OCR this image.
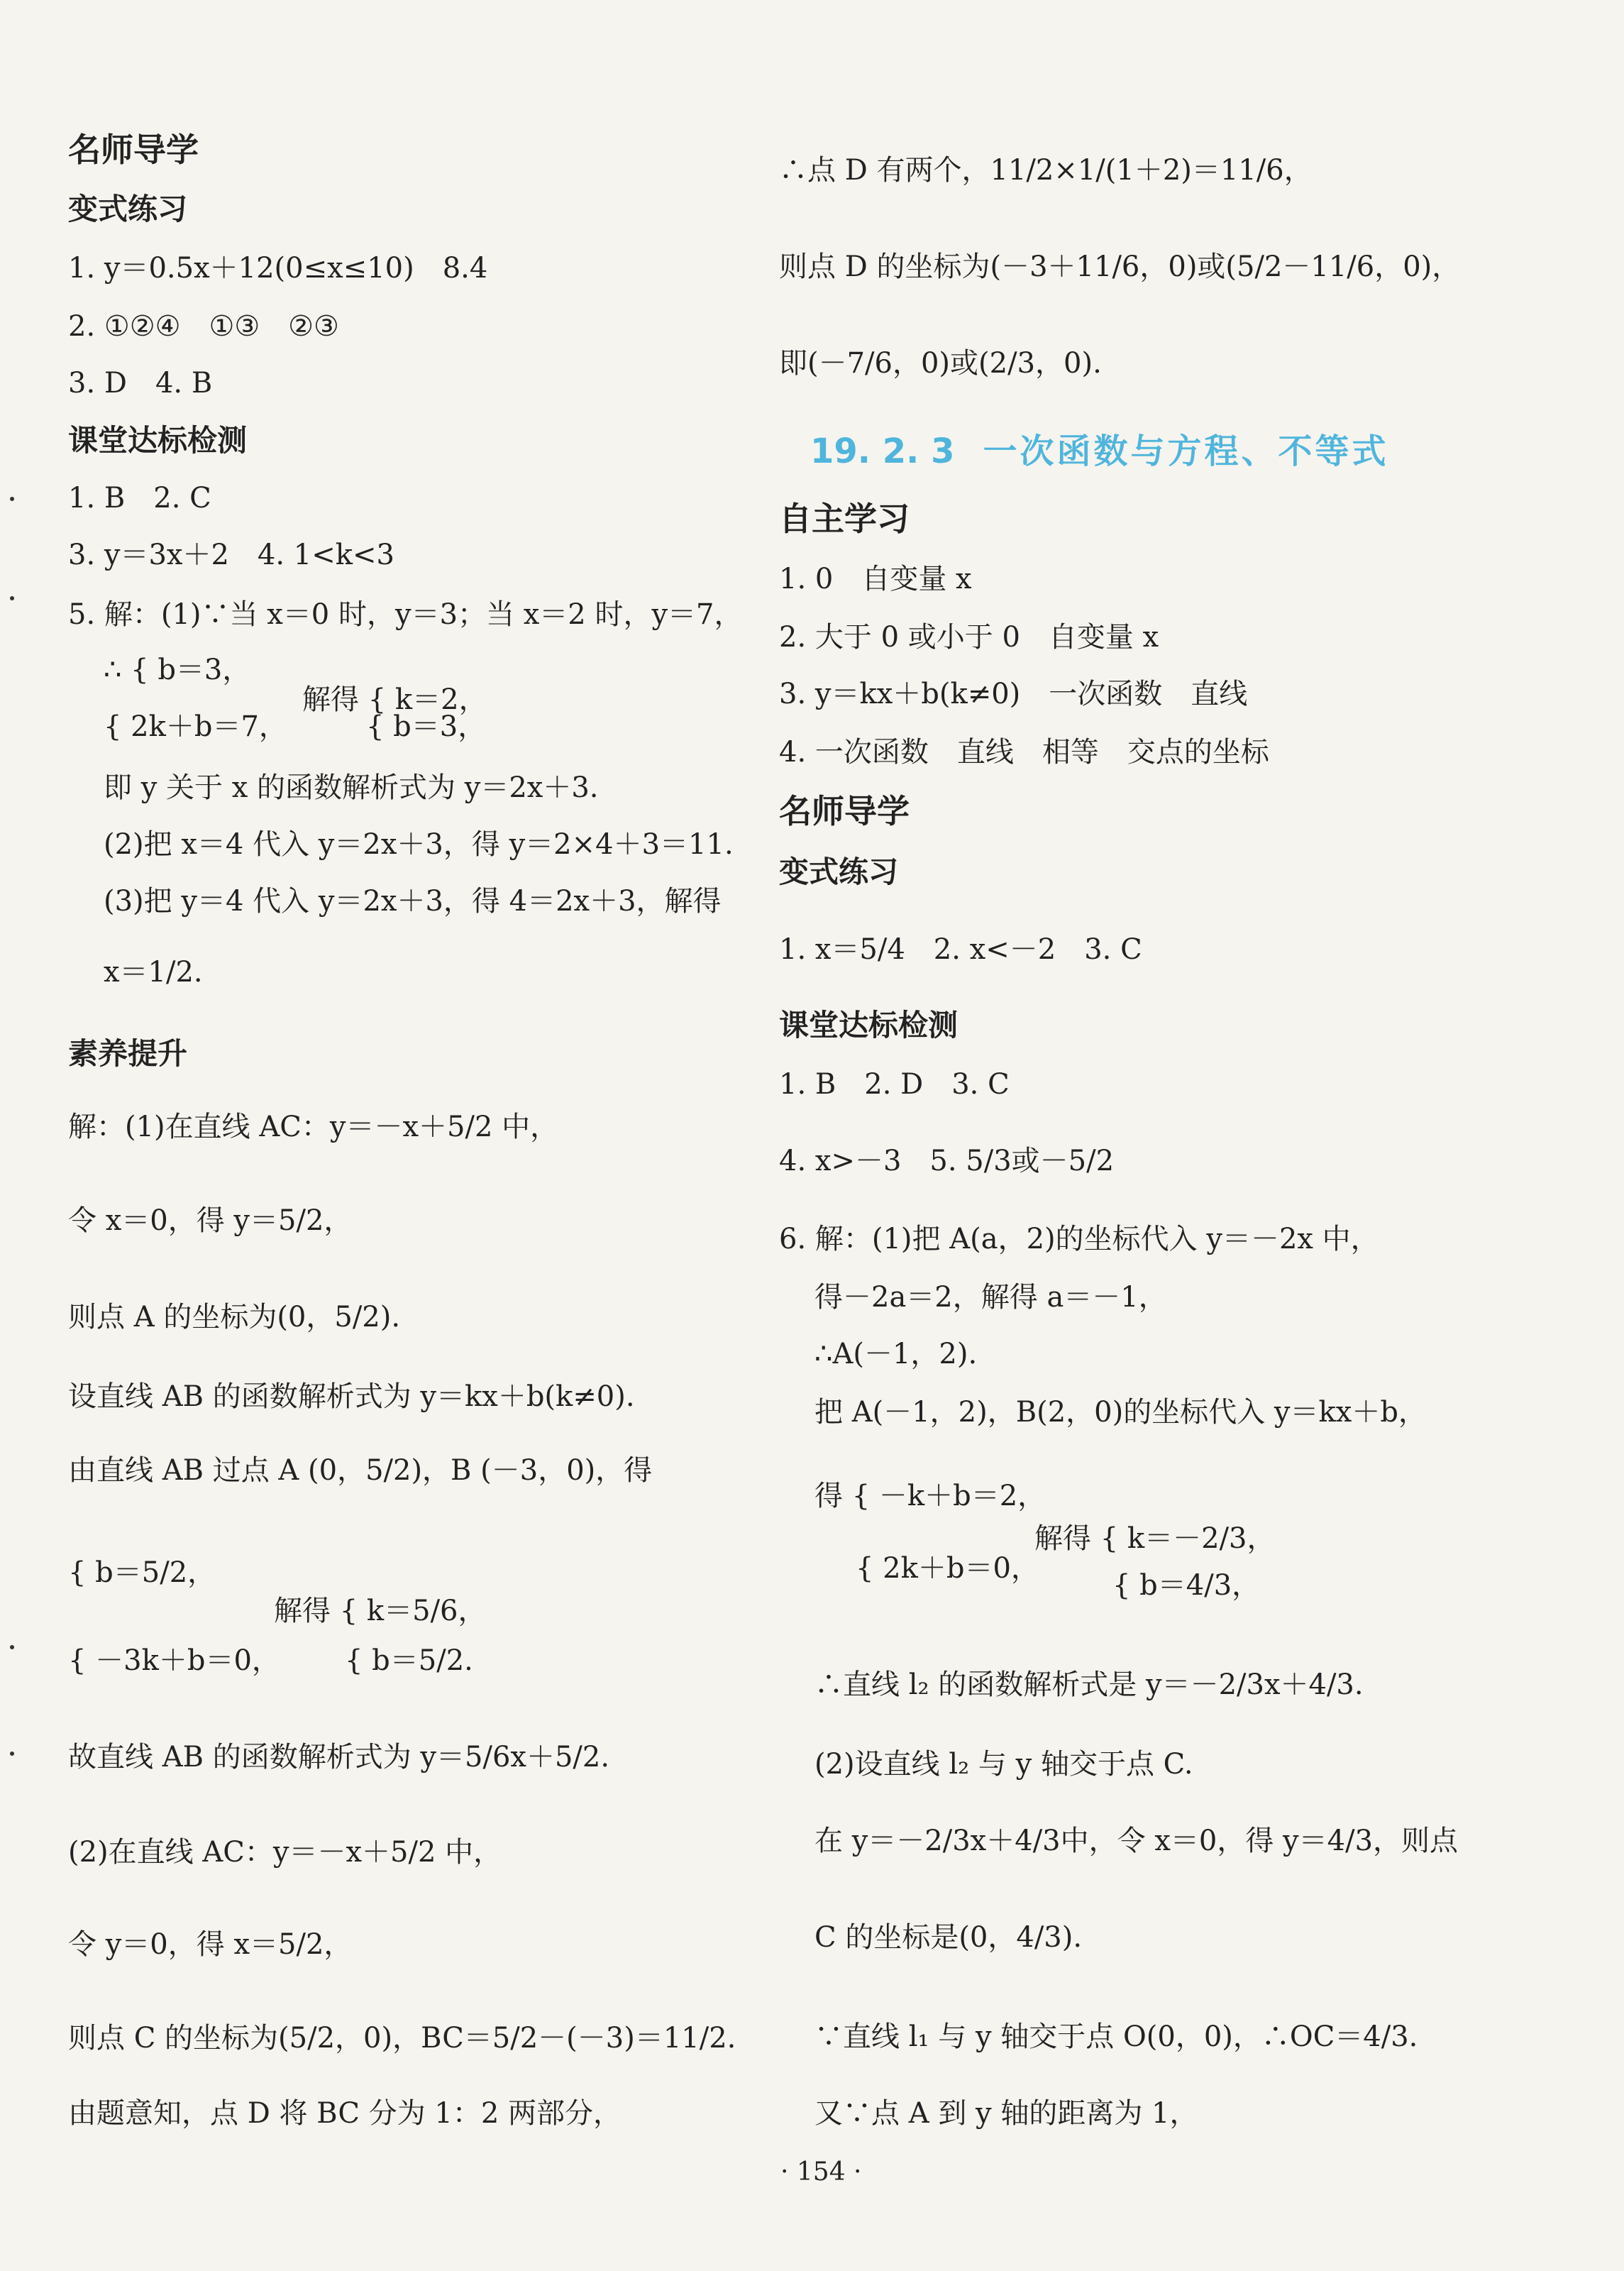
名师导学
变式练习
1. y＝0.5x＋12(0≤x≤10)　8.4
2. ①②④　①③　②③
3. D　4. B
课堂达标检测
1. B　2. C
3. y＝3x＋2　4. 1<k<3
5. 解：(1)∵当 x＝0 时，y＝3；当 x＝2 时，y＝7，
∴ { b＝3，
解得 { k＝2，
{ 2k＋b＝7，	{ b＝3，
即 y 关于 x 的函数解析式为 y＝2x＋3.
(2)把 x＝4 代入 y＝2x＋3，得 y＝2×4＋3＝11.
(3)把 y＝4 代入 y＝2x＋3，得 4＝2x＋3，解得
x＝1/2.
素养提升
解：(1)在直线 AC：y＝－x＋5/2 中，
令 x＝0，得 y＝5/2，
则点 A 的坐标为(0，5/2).
设直线 AB 的函数解析式为 y＝kx＋b(k≠0).
由直线 AB 过点 A (0，5/2)，B (－3，0)，得
{ b＝5/2，
解得 { k＝5/6，
{ －3k＋b＝0， { b＝5/2.
故直线 AB 的函数解析式为 y＝5/6x＋5/2.
(2)在直线 AC：y＝－x＋5/2 中，
令 y＝0，得 x＝5/2，
则点 C 的坐标为(5/2，0)，BC＝5/2－(－3)＝11/2.
由题意知，点 D 将 BC 分为 1：2 两部分，
∴点 D 有两个，11/2×1/(1＋2)＝11/6，
则点 D 的坐标为(－3＋11/6，0)或(5/2－11/6，0)，
即(－7/6，0)或(2/3，0).
19. 2. 3 一次函数与方程、不等式
自主学习
1. 0　自变量 x
2. 大于 0 或小于 0　自变量 x
3. y＝kx＋b(k≠0)　一次函数　直线
4. 一次函数　直线　相等　交点的坐标
名师导学
变式练习
1. x＝5/4　2. x<－2　3. C
课堂达标检测
1. B　2. D　3. C
4. x>－3　5. 5/3或－5/2
6. 解：(1)把 A(a，2)的坐标代入 y＝－2x 中，
得－2a＝2，解得 a＝－1，
∴A(－1，2).
把 A(－1，2)，B(2，0)的坐标代入 y＝kx＋b，
得 { －k＋b＝2，
解得 { k＝－2/3，
{ 2k＋b＝0，
{ b＝4/3，
∴直线 l₂ 的函数解析式是 y＝－2/3x＋4/3.
(2)设直线 l₂ 与 y 轴交于点 C.
在 y＝－2/3x＋4/3中，令 x＝0，得 y＝4/3，则点
C 的坐标是(0，4/3).
∵直线 l₁ 与 y 轴交于点 O(0，0)，∴OC＝4/3.
又∵点 A 到 y 轴的距离为 1，
· 154 ·
